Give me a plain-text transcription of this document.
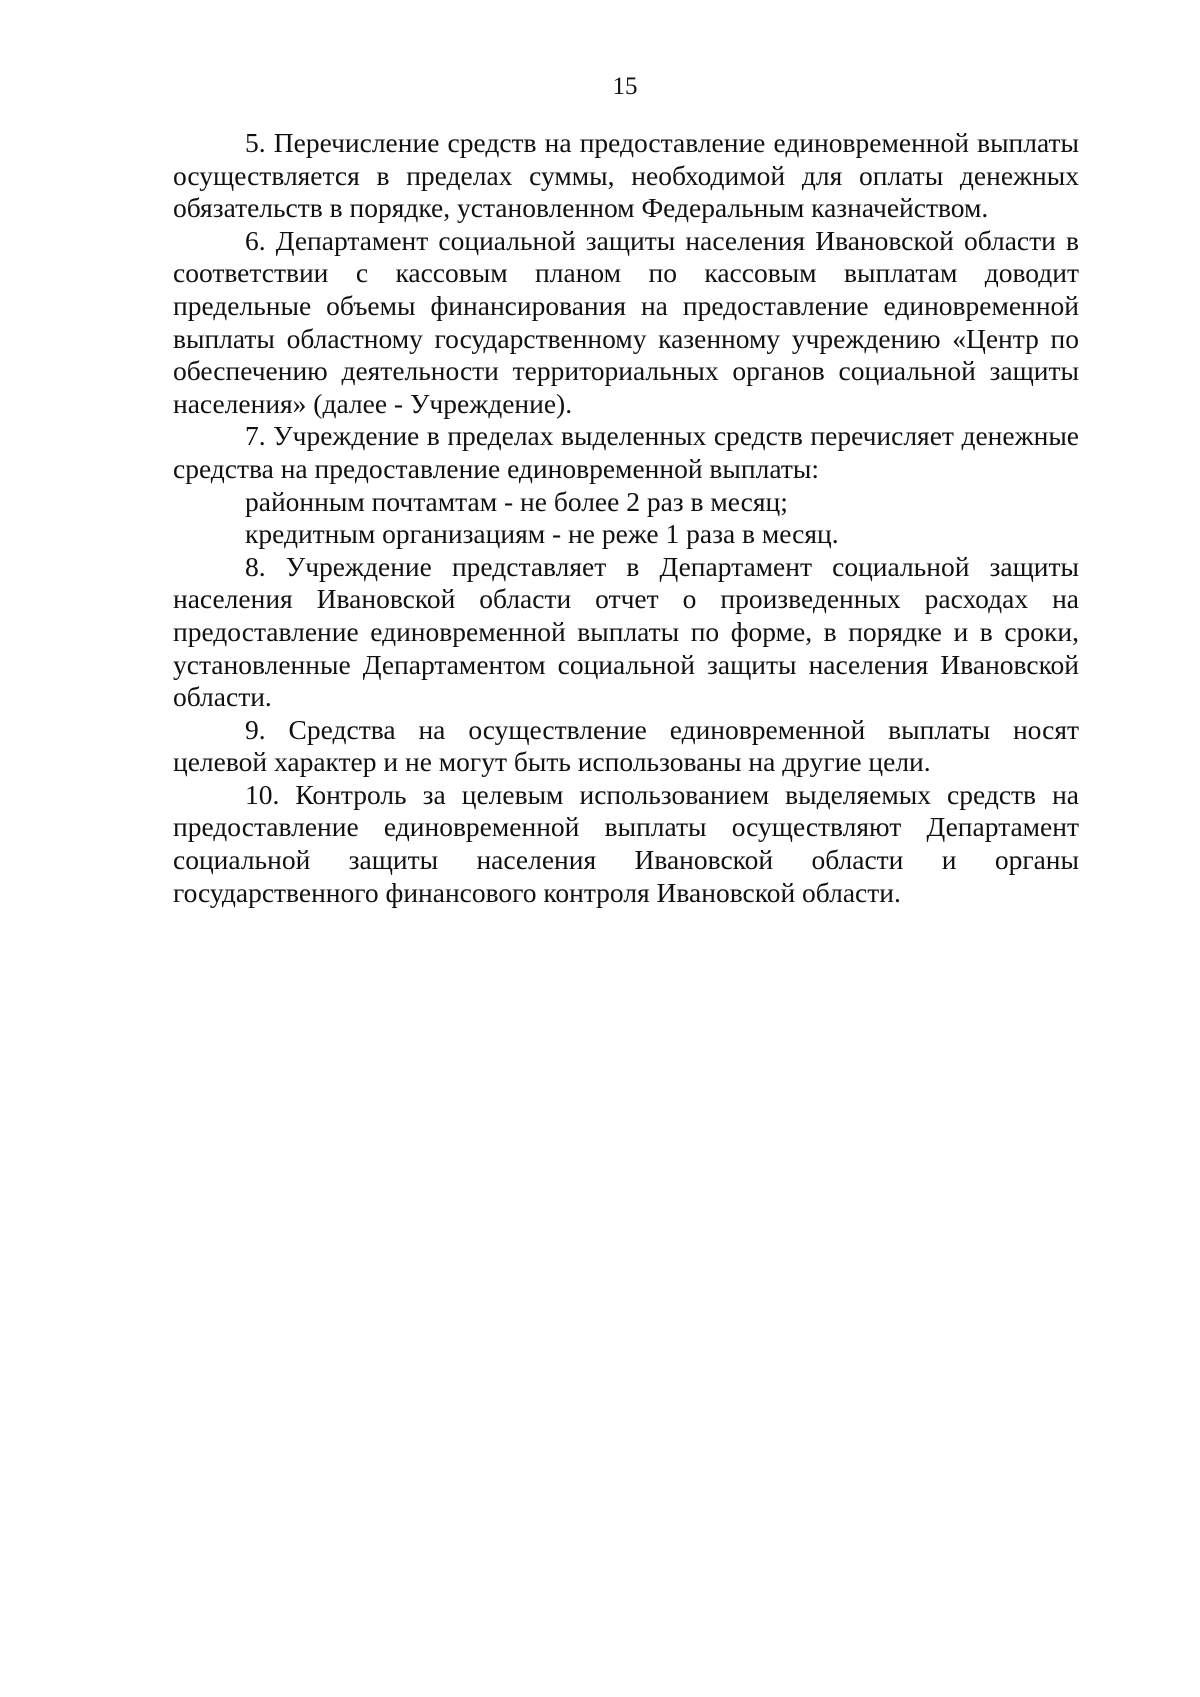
15

5. Перечисление средств на предоставление единовременной выплаты осуществляется в пределах суммы, необходимой для оплаты денежных обязательств в порядке, установленном Федеральным казначейством.

6. Департамент социальной защиты населения Ивановской области в соответствии с кассовым планом по кассовым выплатам доводит предельные объемы финансирования на предоставление единовременной выплаты областному государственному казенному учреждению «Центр по обеспечению деятельности территориальных органов социальной защиты населения» (далее - Учреждение).

7. Учреждение в пределах выделенных средств перечисляет денежные средства на предоставление единовременной выплаты:

районным почтамтам - не более 2 раз в месяц;

кредитным организациям - не реже 1 раза в месяц.

8. Учреждение представляет в Департамент социальной защиты населения Ивановской области отчет о произведенных расходах на предоставление единовременной выплаты по форме, в порядке и в сроки, установленные Департаментом социальной защиты населения Ивановской области.

9. Средства на осуществление единовременной выплаты носят целевой характер и не могут быть использованы на другие цели.

10. Контроль за целевым использованием выделяемых средств на предоставление единовременной выплаты осуществляют Департамент социальной защиты населения Ивановской области и органы государственного финансового контроля Ивановской области.
